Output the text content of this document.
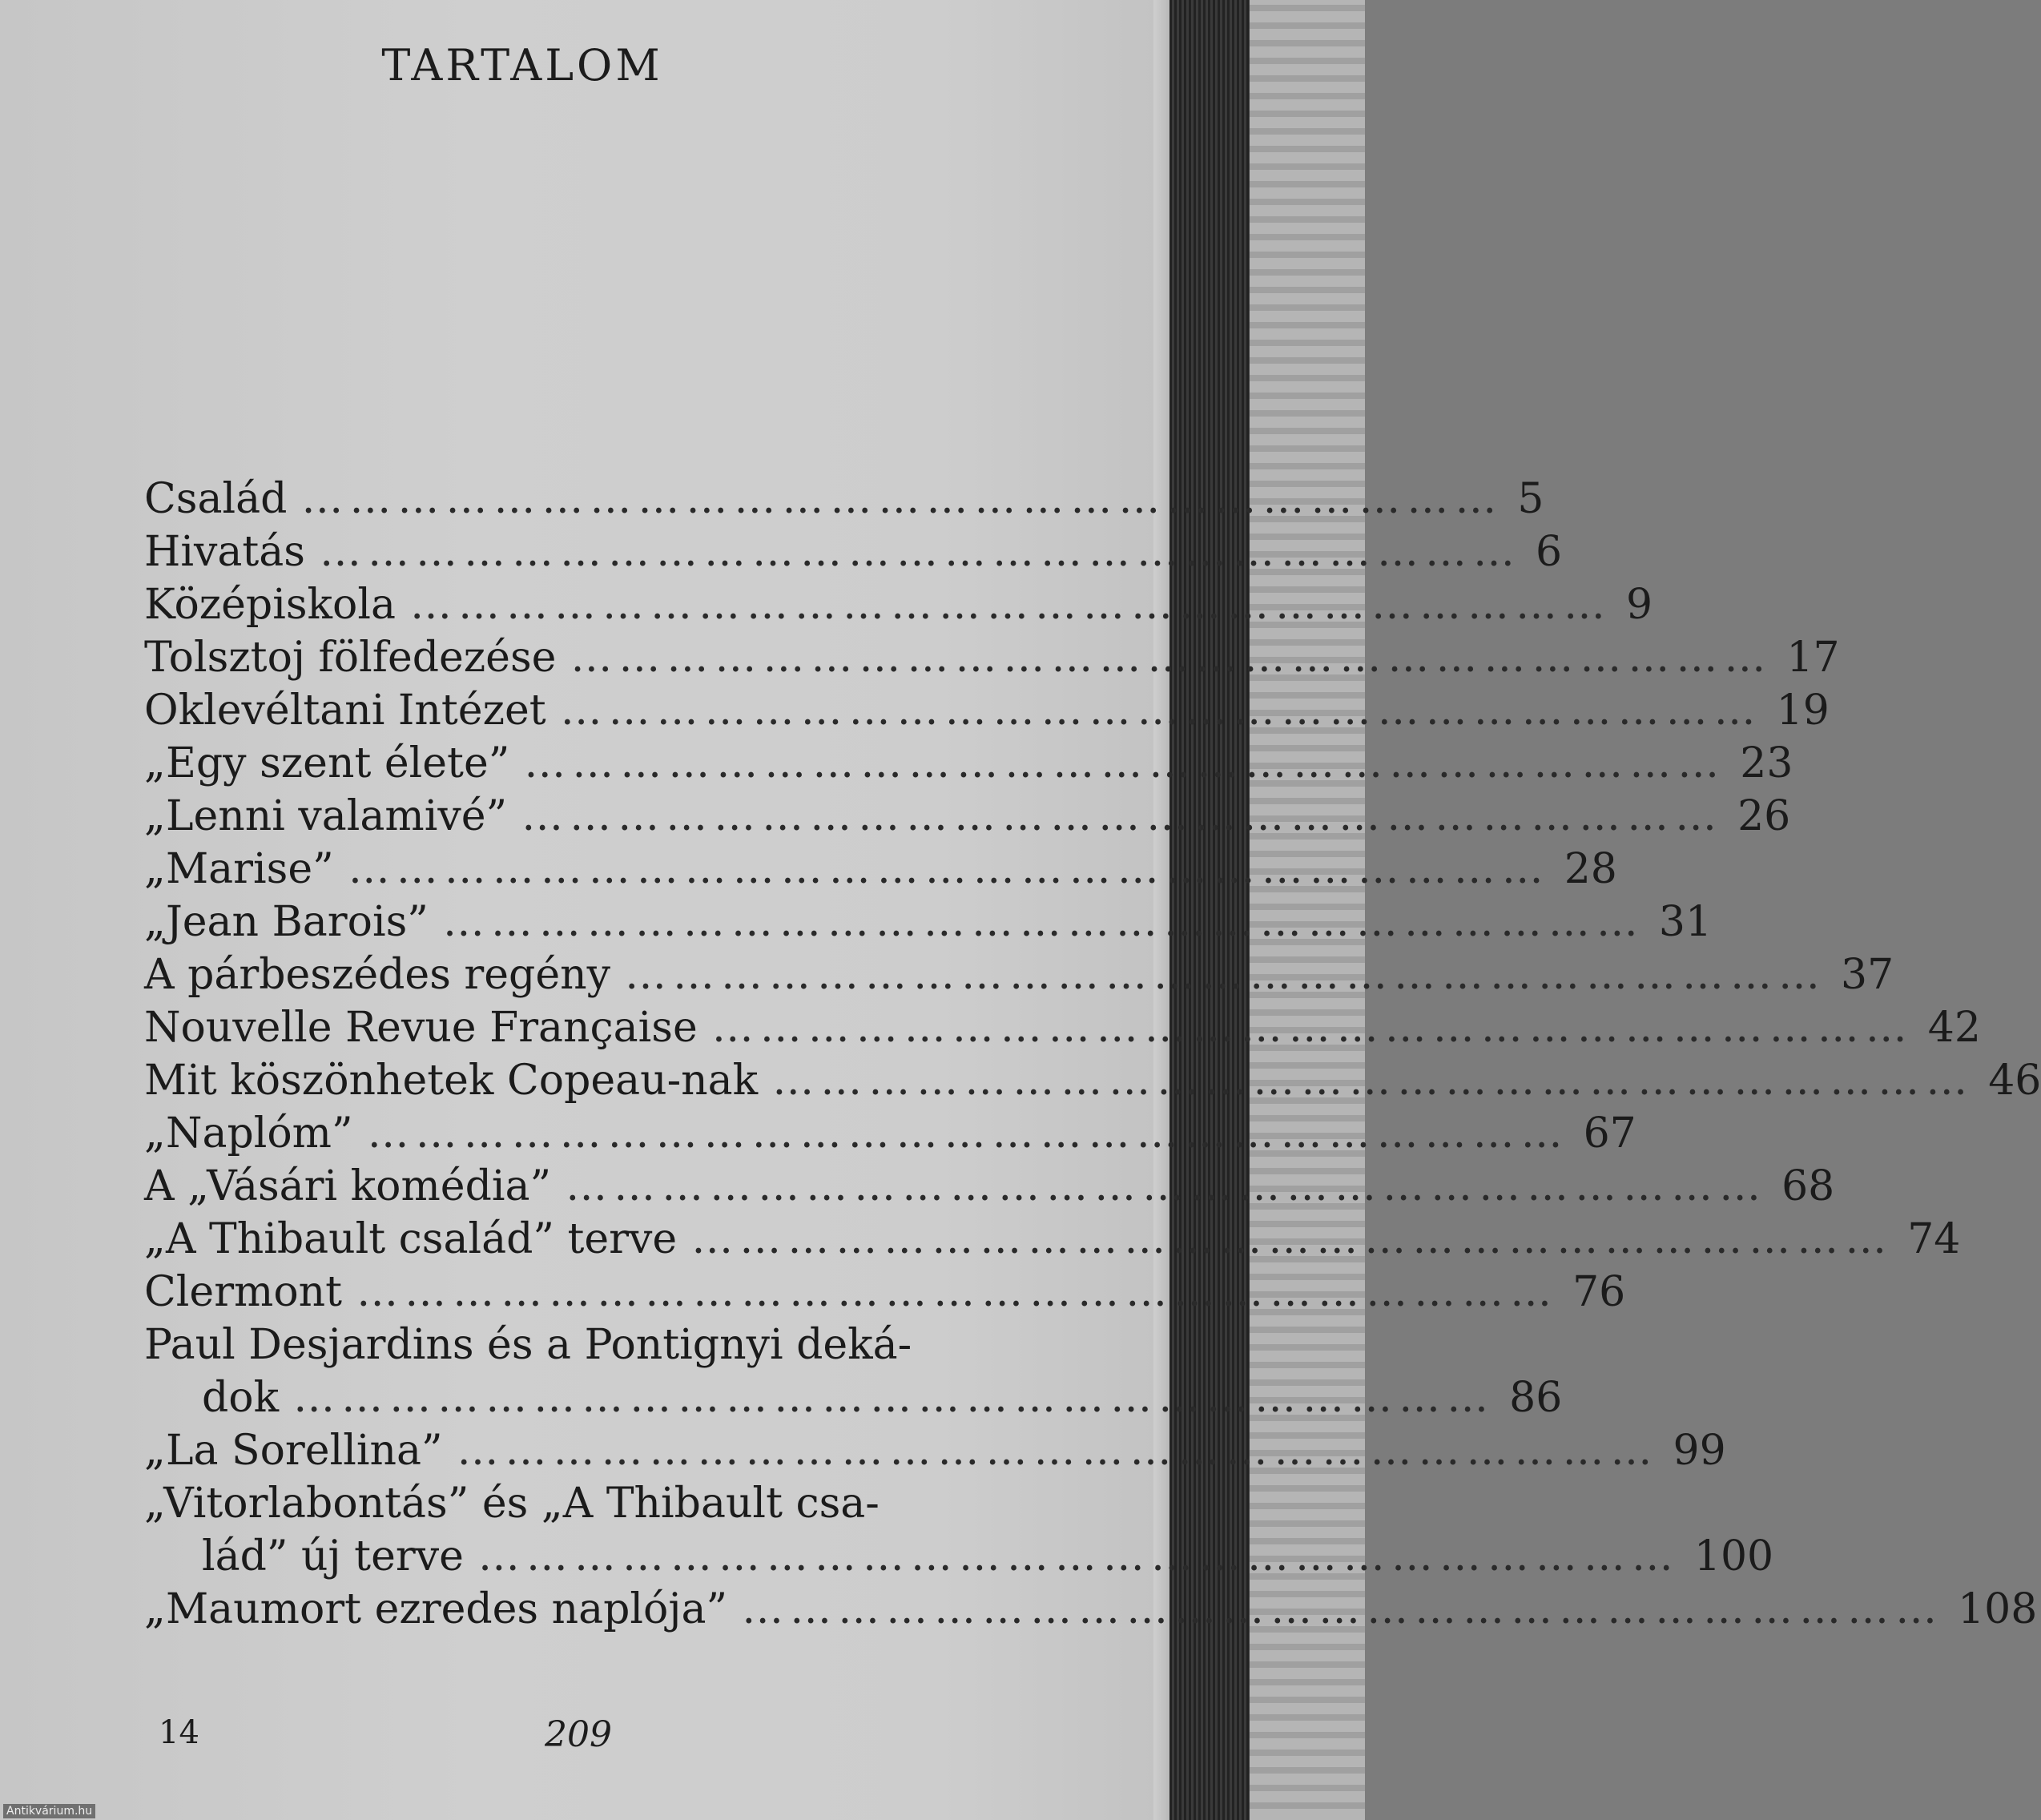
TARTALOM
Család ………………………………………………………………… 5
Hivatás ………………………………………………………………… 6
Középiskola ………………………………………………………………… 9
Tolsztoj fölfedezése ………………………………………………………………… 17
Oklevéltani Intézet ………………………………………………………………… 19
„Egy szent élete” ………………………………………………………………… 23
„Lenni valamivé” ………………………………………………………………… 26
„Marise” ………………………………………………………………… 28
„Jean Barois” ………………………………………………………………… 31
A párbeszédes regény ………………………………………………………………… 37
Nouvelle Revue Française ………………………………………………………………… 42
Mit köszönhetek Copeau-nak ………………………………………………………………… 46
„Naplóm” ………………………………………………………………… 67
A „Vásári komédia” ………………………………………………………………… 68
„A Thibault család” terve ………………………………………………………………… 74
Clermont ………………………………………………………………… 76
Paul Desjardins és a Pontignyi deká-
dok ………………………………………………………………… 86
„La Sorellina” ………………………………………………………………… 99
„Vitorlabontás” és „A Thibault csa-
lád” új terve ………………………………………………………………… 100
„Maumort ezredes naplója” ………………………………………………………………… 108
14	209
Antikvárium.hu
